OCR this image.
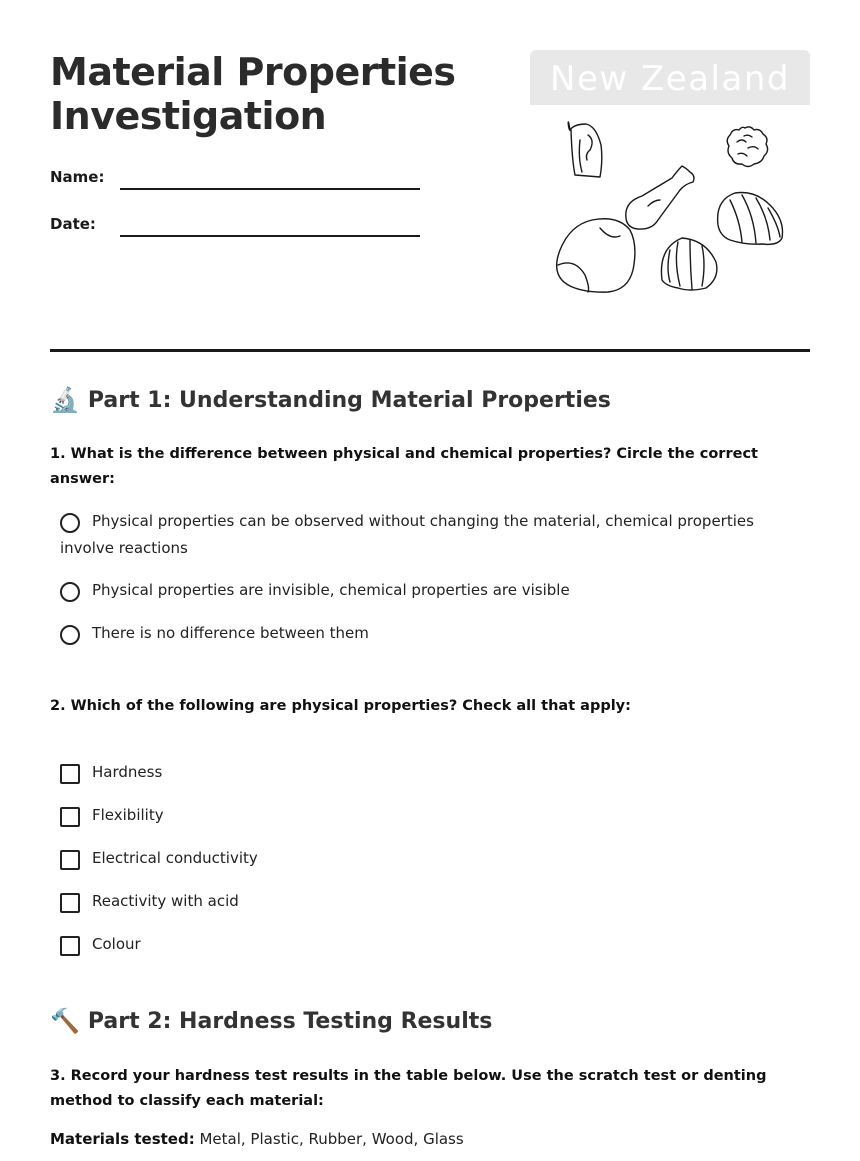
Material Properties Investigation
Name:
Date:
New Zealand
🔬 Part 1: Understanding Material Properties
1. What is the difference between physical and chemical properties? Circle the correct answer:
Physical properties can be observed without changing the material, chemical properties involve reactions
Physical properties are invisible, chemical properties are visible
There is no difference between them
2. Which of the following are physical properties? Check all that apply:
Hardness
Flexibility
Electrical conductivity
Reactivity with acid
Colour
🔨 Part 2: Hardness Testing Results
3. Record your hardness test results in the table below. Use the scratch test or denting method to classify each material:
Materials tested: Metal, Plastic, Rubber, Wood, Glass
